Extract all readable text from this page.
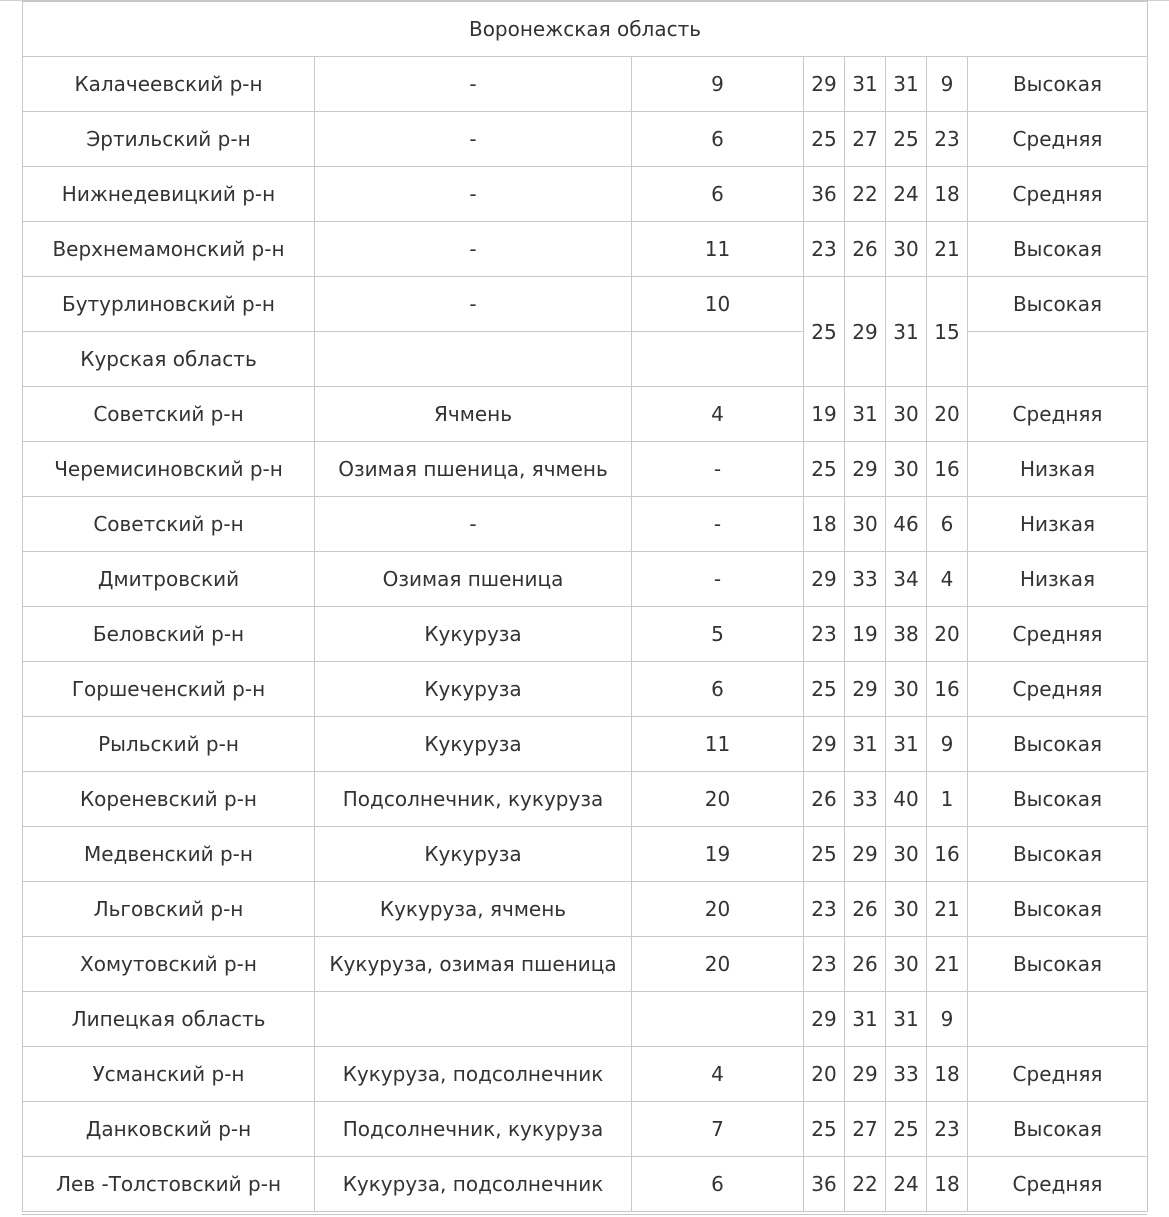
Воронежская область							
Калачеевский р-н	-	9	29	31	31	9	Высокая
Эртильский р-н	-	6	25	27	25	23	Средняя
Нижнедевицкий р-н	-	6	36	22	24	18	Средняя
Верхнемамонский р-н	-	11	23	26	30	21	Высокая
Бутурлиновский р-н	-	10	25	29	31	15	Высокая
Курская область							
Советский р-н	Ячмень	4	19	31	30	20	Средняя
Черемисиновский р-н	Озимая пшеница, ячмень	-	25	29	30	16	Низкая
Советский р-н	-	-	18	30	46	6	Низкая
Дмитровский	Озимая пшеница	-	29	33	34	4	Низкая
Беловский р-н	Кукуруза	5	23	19	38	20	Средняя
Горшеченский р-н	Кукуруза	6	25	29	30	16	Средняя
Рыльский р-н	Кукуруза	11	29	31	31	9	Высокая
Кореневский р-н	Подсолнечник, кукуруза	20	26	33	40	1	Высокая
Медвенский р-н	Кукуруза	19	25	29	30	16	Высокая
Льговский р-н	Кукуруза, ячмень	20	23	26	30	21	Высокая
Хомутовский р-н	Кукуруза, озимая пшеница	20	23	26	30	21	Высокая
Липецкая область			29	31	31	9	
Усманский р-н	Кукуруза, подсолнечник	4	20	29	33	18	Средняя
Данковский р-н	Подсолнечник, кукуруза	7	25	27	25	23	Высокая
Лев -Толстовский р-н	Кукуруза, подсолнечник	6	36	22	24	18	Средняя
